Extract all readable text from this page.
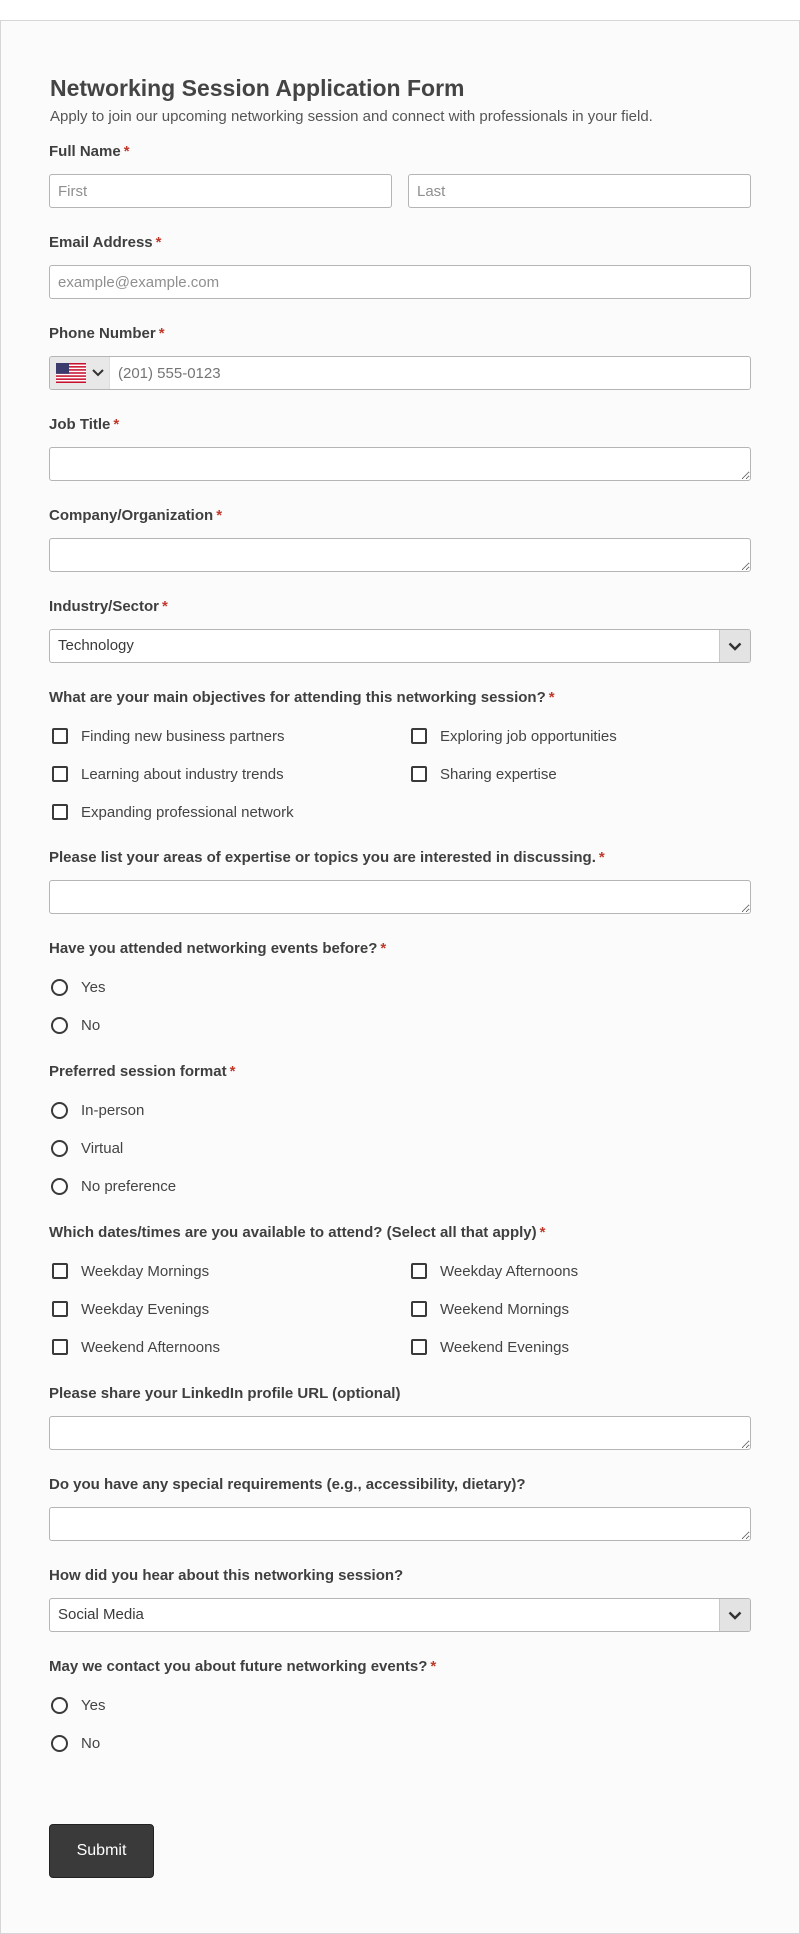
Networking Session Application Form
Apply to join our upcoming networking session and connect with professionals in your field.
Full Name *
First
Last
Email Address *
example@example.com
Phone Number *
(201) 555-0123
Job Title *
Company/Organization *
Industry/Sector *
Technology
What are your main objectives for attending this networking session? *
Finding new business partners	Exploring job opportunities
Learning about industry trends	Sharing expertise
Expanding professional network
Please list your areas of expertise or topics you are interested in discussing. *
Have you attended networking events before? *
Yes
No
Preferred session format *
In-person
Virtual
No preference
Which dates/times are you available to attend? (Select all that apply) *
Weekday Mornings	Weekday Afternoons
Weekday Evenings	Weekend Mornings
Weekend Afternoons	Weekend Evenings
Please share your LinkedIn profile URL (optional)
Do you have any special requirements (e.g., accessibility, dietary)?
How did you hear about this networking session?
Social Media
May we contact you about future networking events? *
Yes
No
Submit
